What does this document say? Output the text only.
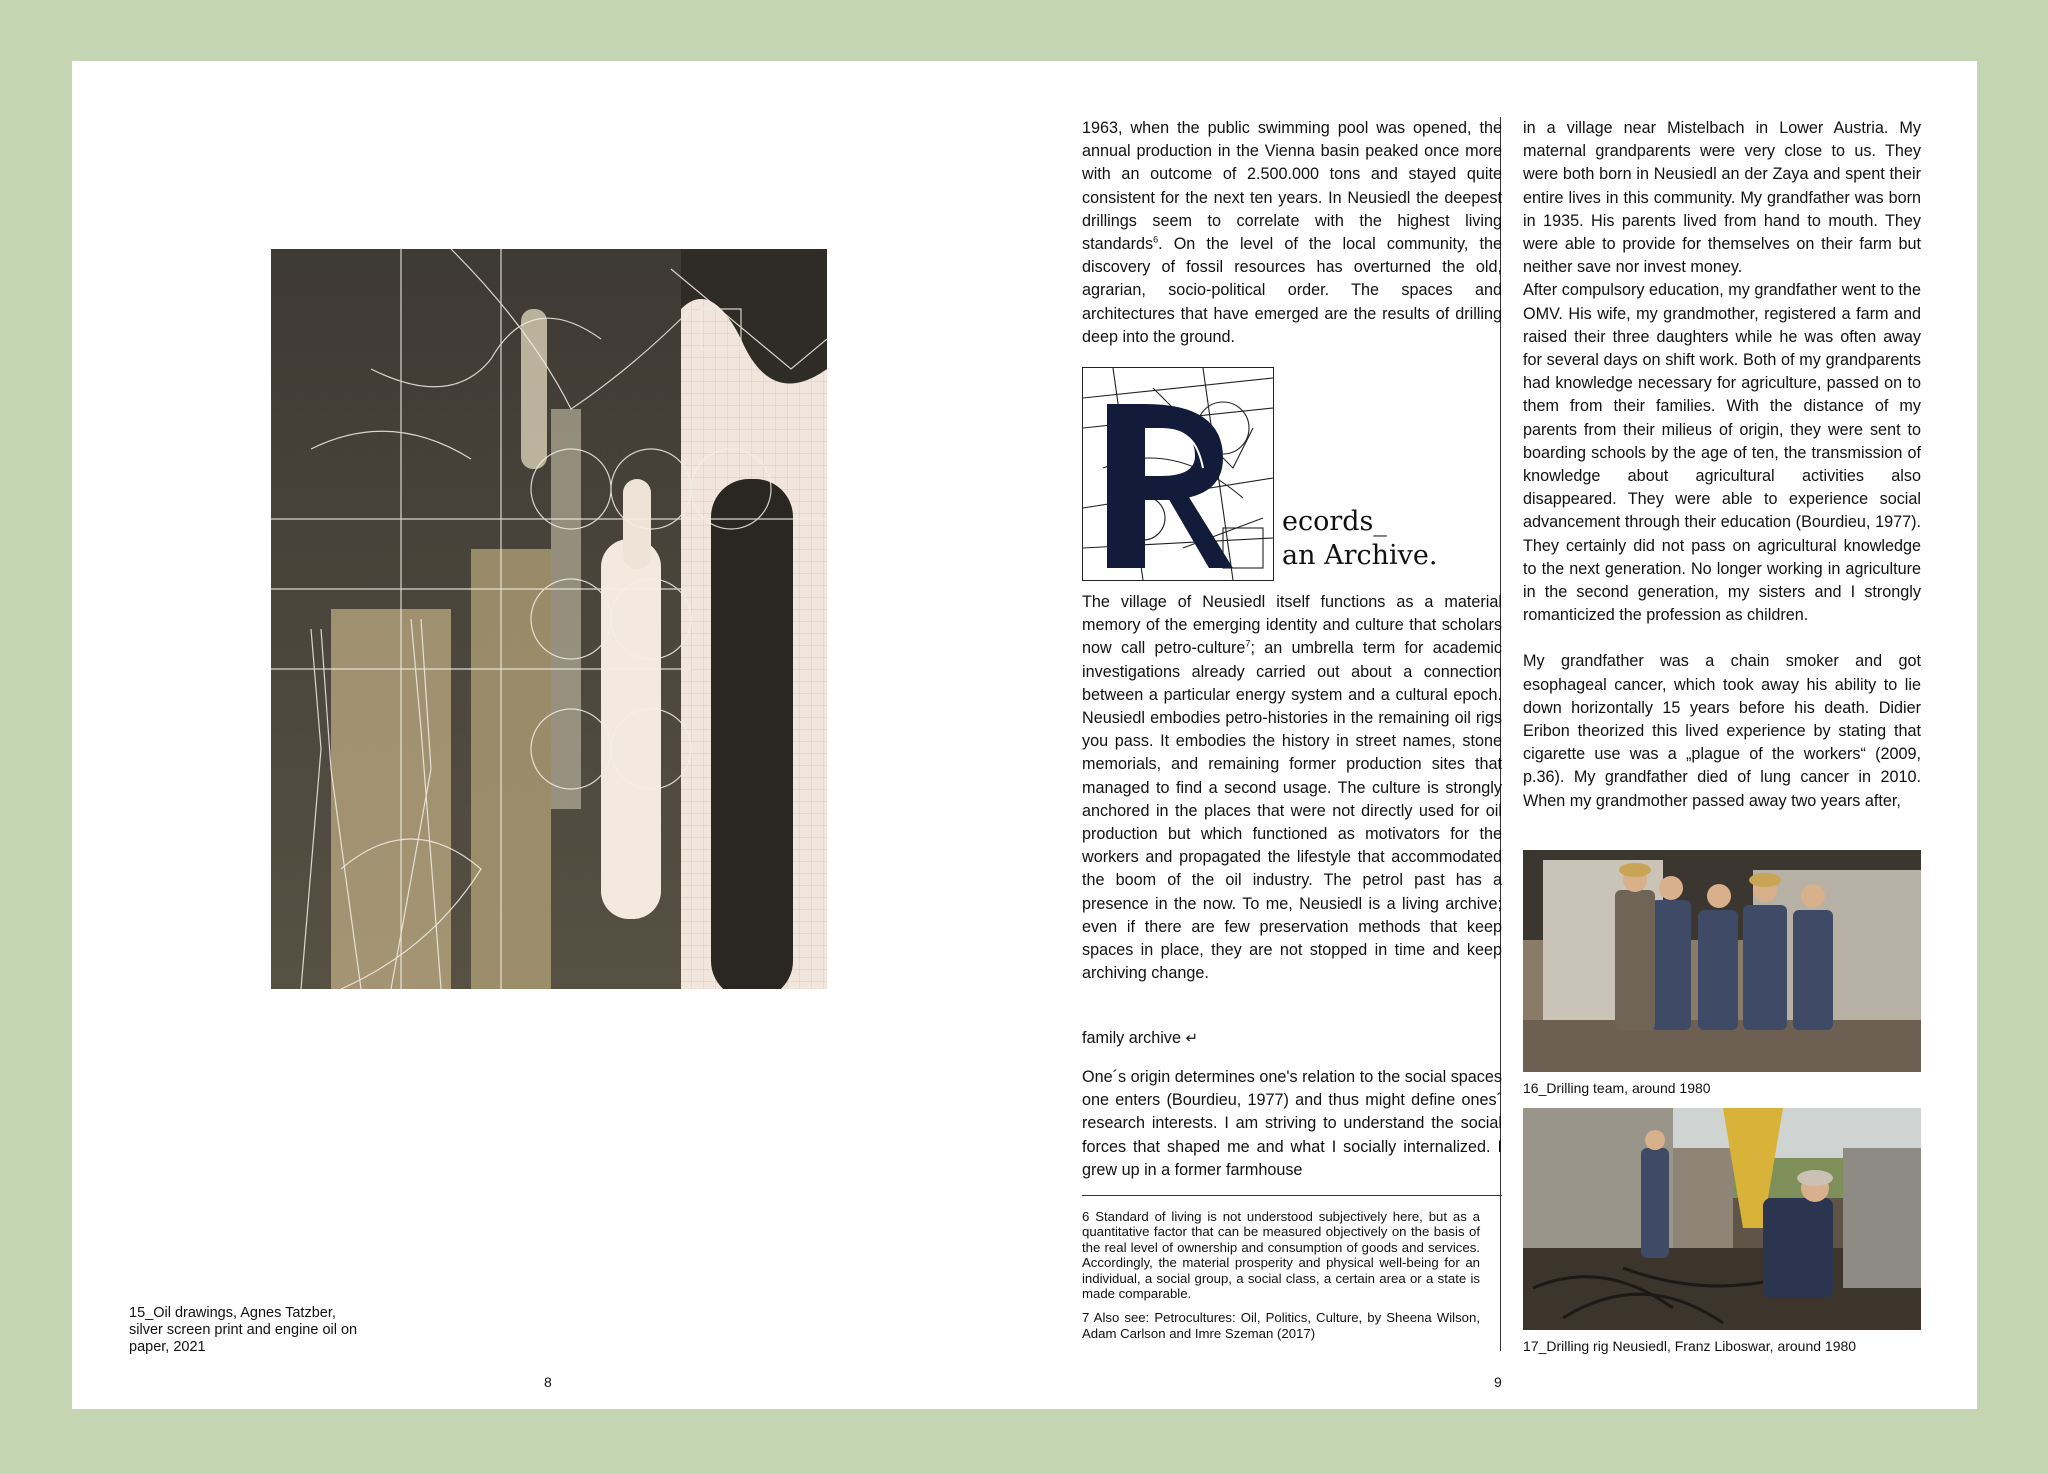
15_Oil drawings, Agnes Tatzber, silver screen print and engine oil on paper, 2021
8

1963, when the public swimming pool was opened, the annual production in the Vienna basin peaked once more with an outcome of 2.500.000 tons and stayed quite consistent for the next ten years. In Neusiedl the deepest drillings seem to correlate with the highest living standards$^6$. On the level of the local community, the discovery of fossil resources has overturned the old, agrarian, socio-political order. The spaces and architectures that have emerged are the results of drilling deep into the ground.

ecords_
an Archive.

The village of Neusiedl itself functions as a material memory of the emerging identity and culture that scholars now call petro-culture$^7$; an umbrella term for academic investigations already carried out about a connection between a particular energy system and a cultural epoch. Neusiedl embodies petro-histories in the remaining oil rigs you pass. It embodies the history in street names, stone memorials, and remaining former production sites that managed to find a second usage. The culture is strongly anchored in the places that were not directly used for oil production but which functioned as motivators for the workers and propagated the lifestyle that accommodated the boom of the oil industry. The petrol past has a presence in the now. To me, Neusiedl is a living archive; even if there are few preservation methods that keep spaces in place, they are not stopped in time and keep archiving change.

family archive ↵

One´s origin determines one's relation to the social spaces one enters (Bourdieu, 1977) and thus might define ones´ research interests. I am striving to understand the social forces that shaped me and what I socially internalized. I grew up in a former farmhouse

6 Standard of living is not understood subjectively here, but as a quantitative factor that can be measured objectively on the basis of the real level of ownership and consumption of goods and services. Accordingly, the material prosperity and physical well-being for an individual, a social group, a social class, a certain area or a state is made comparable.

7 Also see: Petrocultures: Oil, Politics, Culture, by Sheena Wilson, Adam Carlson and Imre Szeman (2017)

in a village near Mistelbach in Lower Austria. My maternal grandparents were very close to us. They were both born in Neusiedl an der Zaya and spent their entire lives in this community. My grandfather was born in 1935. His parents lived from hand to mouth. They were able to provide for themselves on their farm but neither save nor invest money.

After compulsory education, my grandfather went to the OMV. His wife, my grandmother, registered a farm and raised their three daughters while he was often away for several days on shift work. Both of my grandparents had knowledge necessary for agriculture, passed on to them from their families. With the distance of my parents from their milieus of origin, they were sent to boarding schools by the age of ten, the transmission of knowledge about agricultural activities also disappeared. They were able to experience social advancement through their education (Bourdieu, 1977). They certainly did not pass on agricultural knowledge to the next generation. No longer working in agriculture in the second generation, my sisters and I strongly romanticized the profession as children.

My grandfather was a chain smoker and got esophageal cancer, which took away his ability to lie down horizontally 15 years before his death. Didier Eribon theorized this lived experience by stating that cigarette use was a „plague of the workers“ (2009, p.36). My grandfather died of lung cancer in 2010. When my grandmother passed away two years after,

16_Drilling team, around 1980
17_Drilling rig Neusiedl, Franz Liboswar, around 1980
9
